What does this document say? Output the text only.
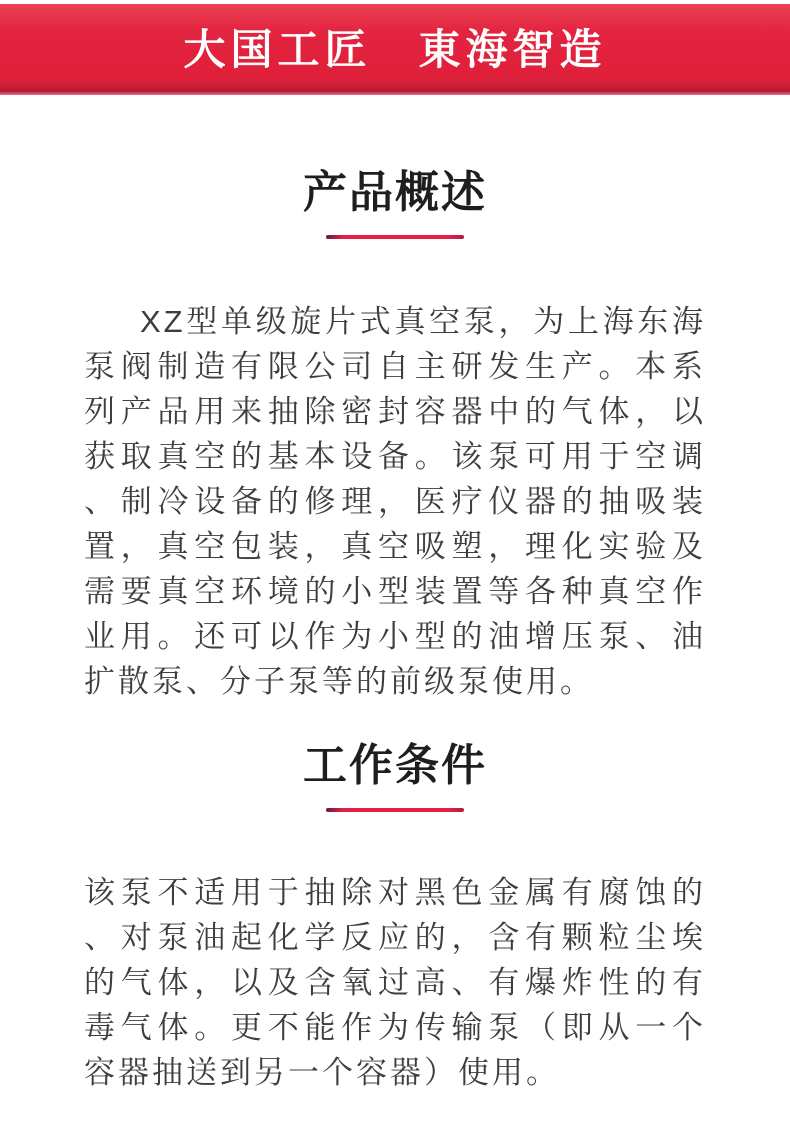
大国工匠　東海智造
产品概述
XZ型单级旋片式真空泵，为上海东海
泵阀制造有限公司自主研发生产。本系
列产品用来抽除密封容器中的气体，以
获取真空的基本设备。该泵可用于空调
、制冷设备的修理，医疗仪器的抽吸装
置，真空包装，真空吸塑，理化实验及
需要真空环境的小型装置等各种真空作
业用。还可以作为小型的油增压泵、油
扩散泵、分子泵等的前级泵使用。
工作条件
该泵不适用于抽除对黑色金属有腐蚀的
、对泵油起化学反应的，含有颗粒尘埃
的气体，以及含氧过高、有爆炸性的有
毒气体。更不能作为传输泵（即从一个
容器抽送到另一个容器）使用。
